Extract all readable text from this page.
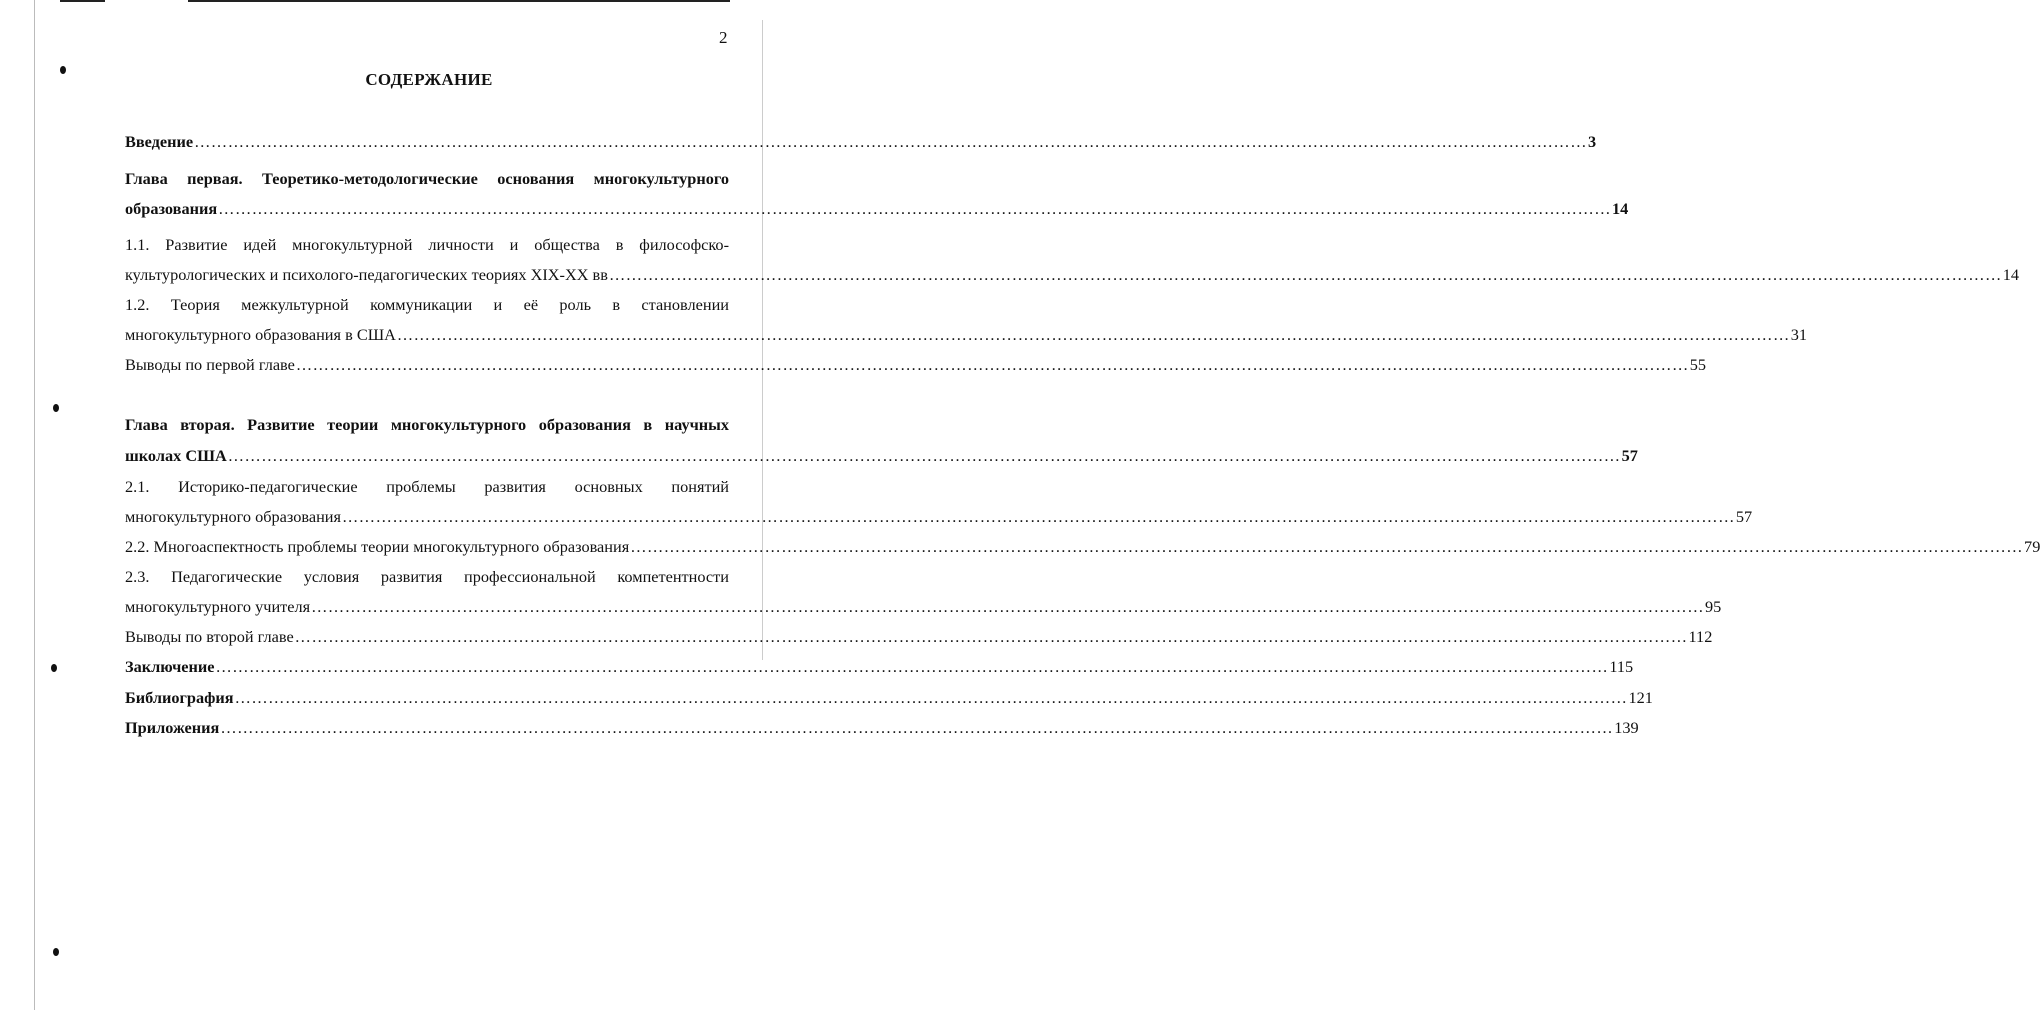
2
СОДЕРЖАНИЕ
Введение …………………………………………………………………………………………………………………………………………………………………………………………………………………………… 3
Глава первая. Теоретико-методологические основания многокультурного
образования …………………………………………………………………………………………………………………………………………………………………………………………………………………………… 14
1.1. Развитие идей многокультурной личности и общества в философско-
культурологических и психолого-педагогических теориях XIX-XX вв …………………………………………………………………………………………………………………………………………………………………………………………………………………………… 14
1.2. Теория межкультурной коммуникации и её роль в становлении
многокультурного образования в США …………………………………………………………………………………………………………………………………………………………………………………………………………………………… 31
Выводы по первой главе …………………………………………………………………………………………………………………………………………………………………………………………………………………………… 55
Глава вторая. Развитие теории многокультурного образования в научных
школах США …………………………………………………………………………………………………………………………………………………………………………………………………………………………… 57
2.1. Историко-педагогические проблемы развития основных понятий
многокультурного образования …………………………………………………………………………………………………………………………………………………………………………………………………………………………… 57
2.2. Многоаспектность проблемы теории многокультурного образования …………………………………………………………………………………………………………………………………………………………………………………………………………………………… 79
2.3. Педагогические условия развития профессиональной компетентности
многокультурного учителя …………………………………………………………………………………………………………………………………………………………………………………………………………………………… 95
Выводы по второй главе …………………………………………………………………………………………………………………………………………………………………………………………………………………………… 112
Заключение …………………………………………………………………………………………………………………………………………………………………………………………………………………………… 115
Библиография …………………………………………………………………………………………………………………………………………………………………………………………………………………………… 121
Приложения …………………………………………………………………………………………………………………………………………………………………………………………………………………………… 139
